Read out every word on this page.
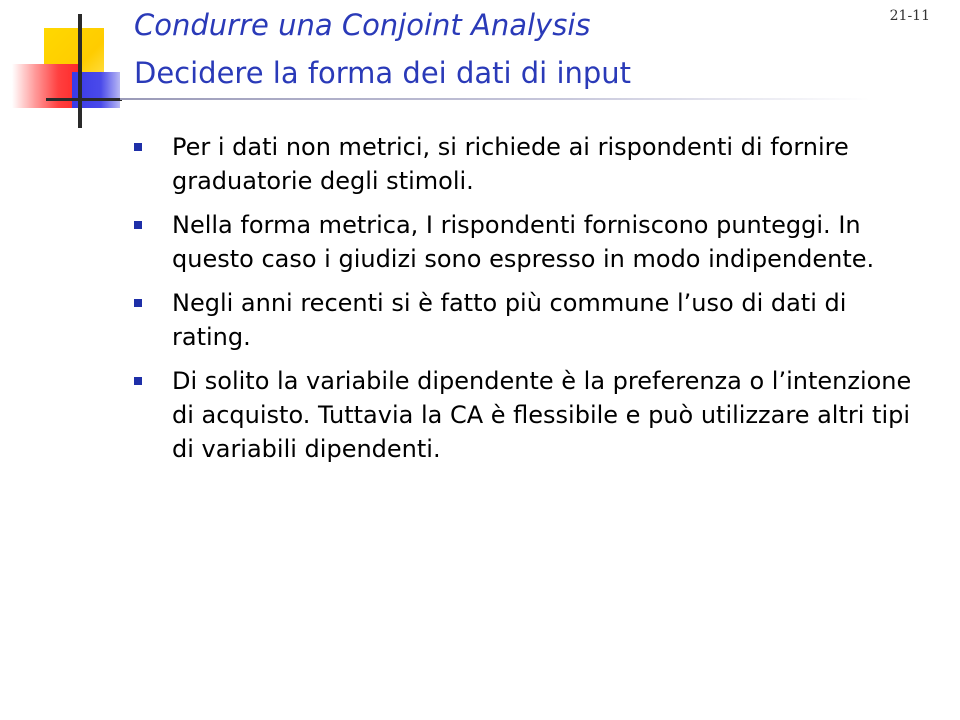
21-11
Condurre una Conjoint Analysis
Decidere la forma dei dati di input
Per i dati non metrici, si richiede ai rispondenti di fornire graduatorie degli stimoli.
Nella forma metrica, I rispondenti forniscono punteggi. In questo caso i giudizi sono espresso in modo indipendente.
Negli anni recenti si è fatto più commune l’uso di dati di rating.
Di solito la variabile dipendente è la preferenza o l’intenzione di acquisto. Tuttavia la CA è flessibile e può utilizzare altri tipi di variabili dipendenti.
